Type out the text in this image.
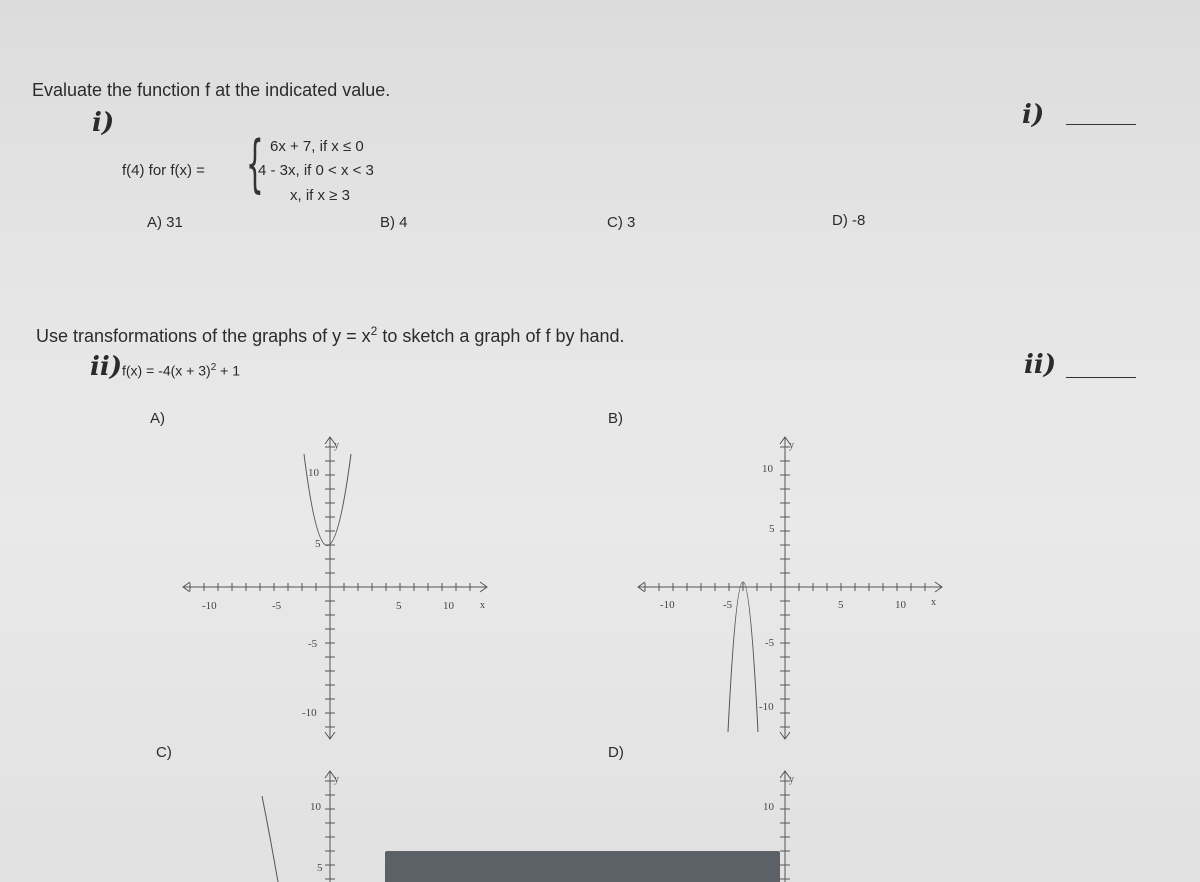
Evaluate the function f at the indicated value.
i)
f(4) for f(x) = { 6x + 7, if x ≤ 0
4 - 3x, if 0 < x < 3
x, if x ≥ 3
A) 31	B) 4	C) 3	D) -8
i)
Use transformations of the graphs of $y = x^2$ to sketch a graph of f by hand.
ii) $f(x) = -4(x + 3)^2 + 1$	ii)
A)	B)
C)	D)
y
x
10
5
-5
-10
-10	-5	5	10
y
x
10
5
-5
-10
-10	-5	5	10
y
10
5
y
10
